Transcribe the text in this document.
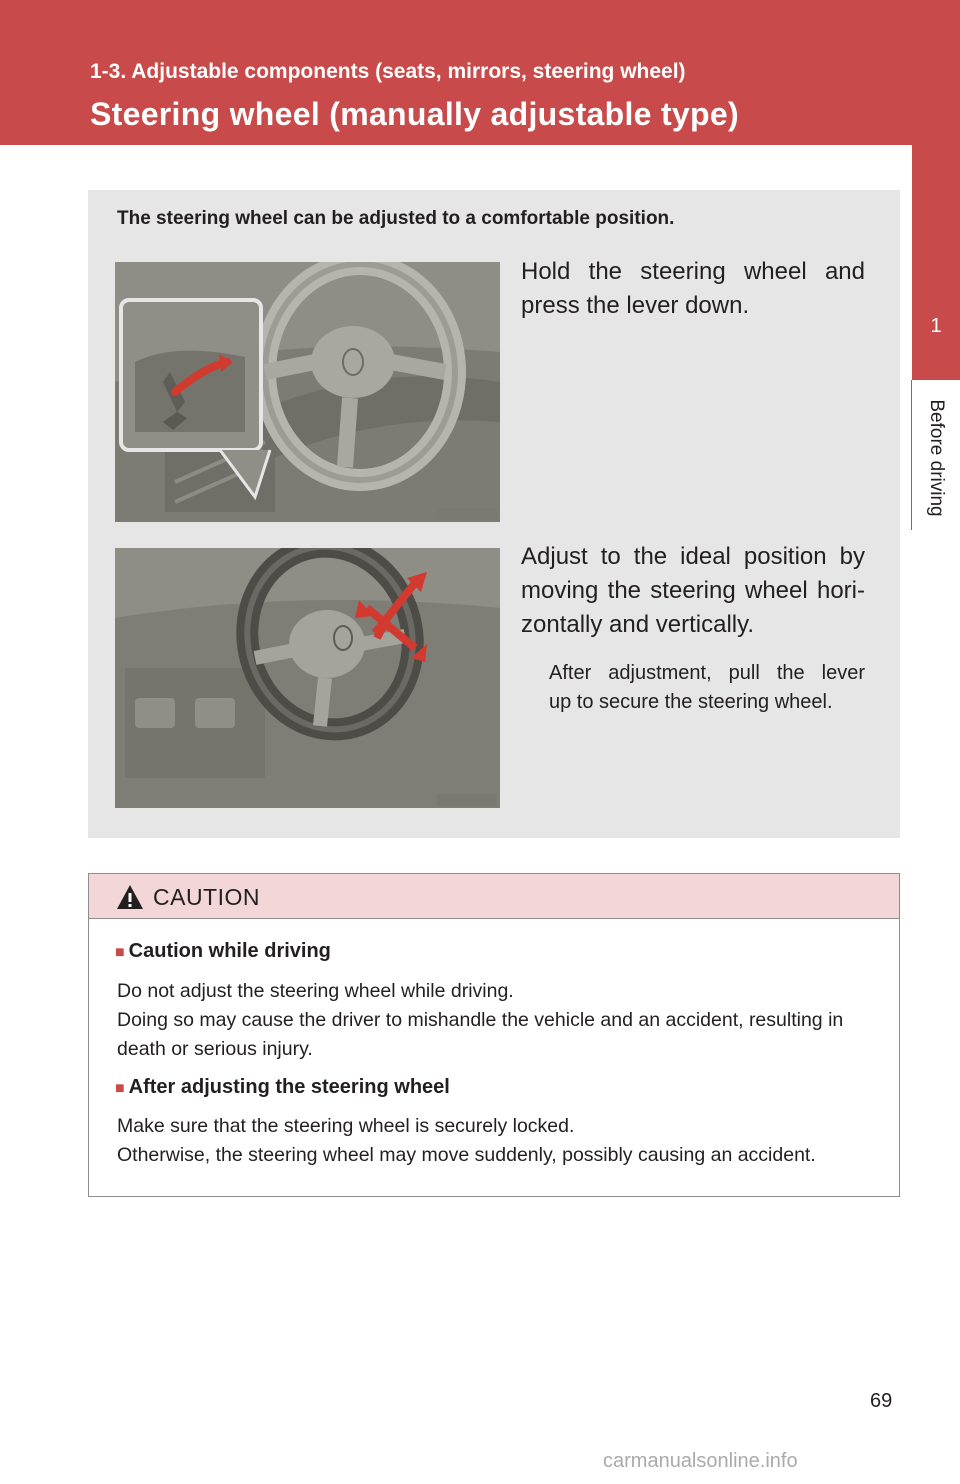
1-3. Adjustable components (seats, mirrors, steering wheel)
Steering wheel (manually adjustable type)
1
Before driving
The steering wheel can be adjusted to a comfortable position.
Hold the steering wheel and
press the lever down.
Adjust to the ideal position by
moving the steering wheel hori- zontally and vertically.
After adjustment, pull the lever
up to secure the steering wheel.
CAUTION
■ Caution while driving
Do not adjust the steering wheel while driving.
Doing so may cause the driver to mishandle the vehicle and an accident, resulting in death or serious injury.
■ After adjusting the steering wheel
Make sure that the steering wheel is securely locked.
Otherwise, the steering wheel may move suddenly, possibly causing an accident.
69
carmanualsonline.info
